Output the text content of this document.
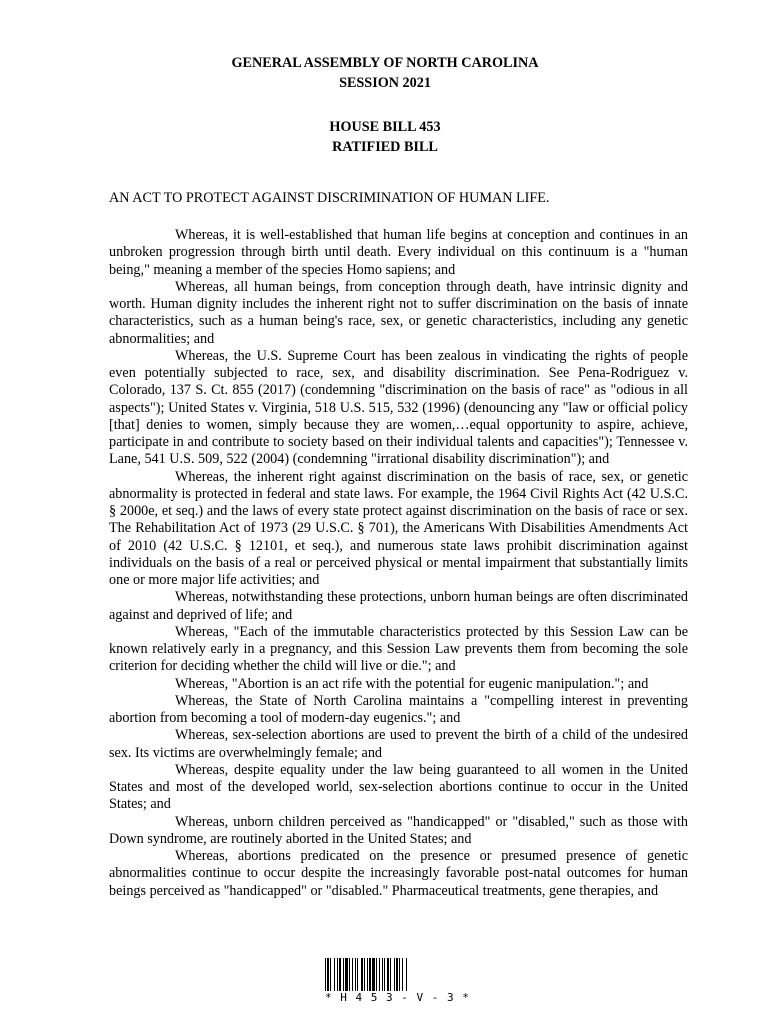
GENERAL ASSEMBLY OF NORTH CAROLINA
SESSION 2021
HOUSE BILL 453
RATIFIED BILL
AN ACT TO PROTECT AGAINST DISCRIMINATION OF HUMAN LIFE.

Whereas, it is well-established that human life begins at conception and continues in an unbroken progression through birth until death. Every individual on this continuum is a "human being," meaning a member of the species Homo sapiens; and

Whereas, all human beings, from conception through death, have intrinsic dignity and worth. Human dignity includes the inherent right not to suffer discrimination on the basis of innate characteristics, such as a human being's race, sex, or genetic characteristics, including any genetic abnormalities; and

Whereas, the U.S. Supreme Court has been zealous in vindicating the rights of people even potentially subjected to race, sex, and disability discrimination. See Pena-Rodriguez v. Colorado, 137 S. Ct. 855 (2017) (condemning "discrimination on the basis of race" as "odious in all aspects"); United States v. Virginia, 518 U.S. 515, 532 (1996) (denouncing any "law or official policy [that] denies to women, simply because they are women,…equal opportunity to aspire, achieve, participate in and contribute to society based on their individual talents and capacities"); Tennessee v. Lane, 541 U.S. 509, 522 (2004) (condemning "irrational disability discrimination"); and

Whereas, the inherent right against discrimination on the basis of race, sex, or genetic abnormality is protected in federal and state laws. For example, the 1964 Civil Rights Act (42 U.S.C. § 2000e, et seq.) and the laws of every state protect against discrimination on the basis of race or sex. The Rehabilitation Act of 1973 (29 U.S.C. § 701), the Americans With Disabilities Amendments Act of 2010 (42 U.S.C. § 12101, et seq.), and numerous state laws prohibit discrimination against individuals on the basis of a real or perceived physical or mental impairment that substantially limits one or more major life activities; and

Whereas, notwithstanding these protections, unborn human beings are often discriminated against and deprived of life; and

Whereas, "Each of the immutable characteristics protected by this Session Law can be known relatively early in a pregnancy, and this Session Law prevents them from becoming the sole criterion for deciding whether the child will live or die."; and

Whereas, "Abortion is an act rife with the potential for eugenic manipulation."; and

Whereas, the State of North Carolina maintains a "compelling interest in preventing abortion from becoming a tool of modern-day eugenics."; and

Whereas, sex-selection abortions are used to prevent the birth of a child of the undesired sex. Its victims are overwhelmingly female; and

Whereas, despite equality under the law being guaranteed to all women in the United States and most of the developed world, sex-selection abortions continue to occur in the United States; and

Whereas, unborn children perceived as "handicapped" or "disabled," such as those with Down syndrome, are routinely aborted in the United States; and

Whereas, abortions predicated on the presence or presumed presence of genetic abnormalities continue to occur despite the increasingly favorable post-natal outcomes for human beings perceived as "handicapped" or "disabled." Pharmaceutical treatments, gene therapies, and

* H 4 5 3 - V - 3 *
